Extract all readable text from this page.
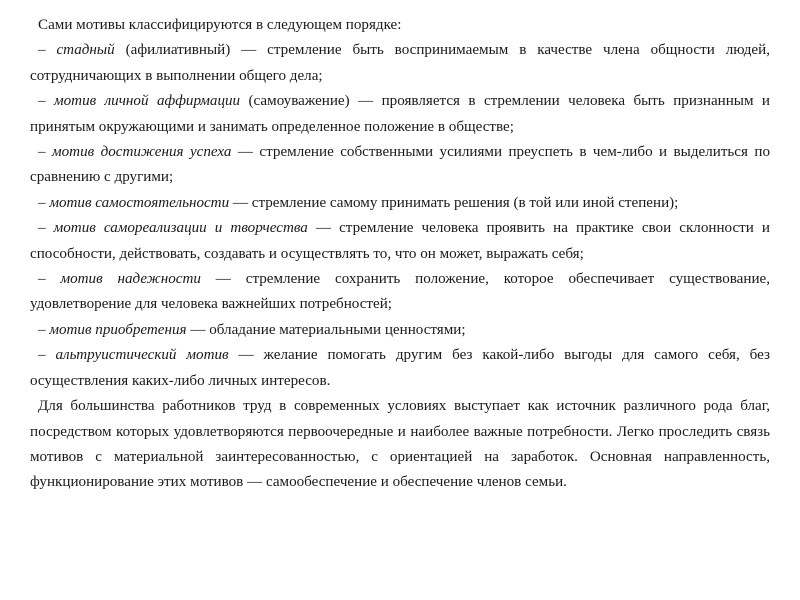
Сами мотивы классифицируются в следующем порядке:

– стадный (афилиативный) — стремление быть воспринимаемым в качестве члена общности людей, сотрудничающих в выполнении общего дела;

– мотив личной аффирмации (самоуважение) — проявляется в стремлении человека быть признанным и принятым окружающими и занимать определенное положение в обществе;

– мотив достижения успеха — стремление собственными усилиями преуспеть в чем-либо и выделиться по сравнению с другими;

– мотив самостоятельности — стремление самому принимать решения (в той или иной степени);

– мотив самореализации и творчества — стремление человека проявить на практике свои склонности и способности, действовать, создавать и осуществлять то, что он может, выражать себя;

– мотив надежности — стремление сохранить положение, которое обеспечивает существование, удовлетворение для человека важнейших потребностей;

– мотив приобретения — обладание материальными ценностями;

– альтруистический мотив — желание помогать другим без какой-либо выгоды для самого себя, без осуществления каких-либо личных интересов.

Для большинства работников труд в современных условиях выступает как источник различного рода благ, посредством которых удовлетворяются первоочередные и наиболее важные потребности. Легко проследить связь мотивов с материальной заинтересованностью, с ориентацией на заработок. Основная направленность, функционирование этих мотивов — самообеспечение и обеспечение членов семьи.
